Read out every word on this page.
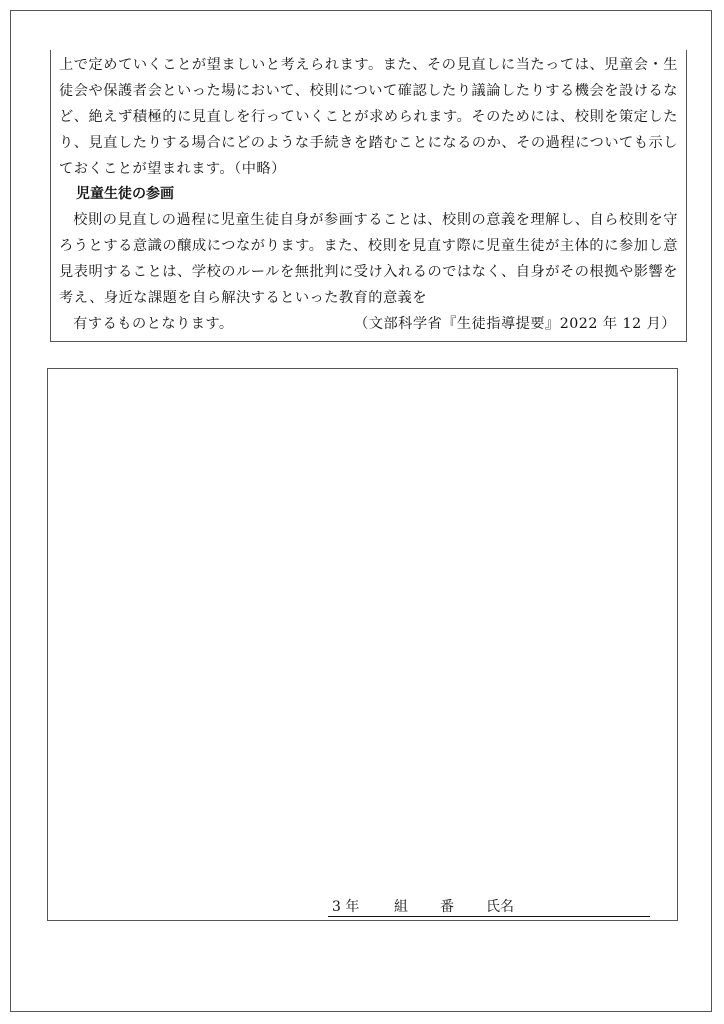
上で定めていくことが望ましいと考えられます。また、その見直しに当たっては、児童会・生徒会や保護者会といった場において、校則について確認したり議論したりする機会を設けるなど、絶えず積極的に見直しを行っていくことが求められます。そのためには、校則を策定したり、見直したりする場合にどのような手続きを踏むことになるのか、その過程についても示しておくことが望まれます。（中略）

児童生徒の参画

校則の見直しの過程に児童生徒自身が参画することは、校則の意義を理解し、自ら校則を守ろうとする意識の醸成につながります。また、校則を見直す際に児童生徒が主体的に参加し意見表明することは、学校のルールを無批判に受け入れるのではなく、自身がその根拠や影響を考え、身近な課題を自ら解決するといった教育的意義を
有するものとなります。	（文部科学省『生徒指導提要』2022 年 12 月）

3 年 組 番 氏名
